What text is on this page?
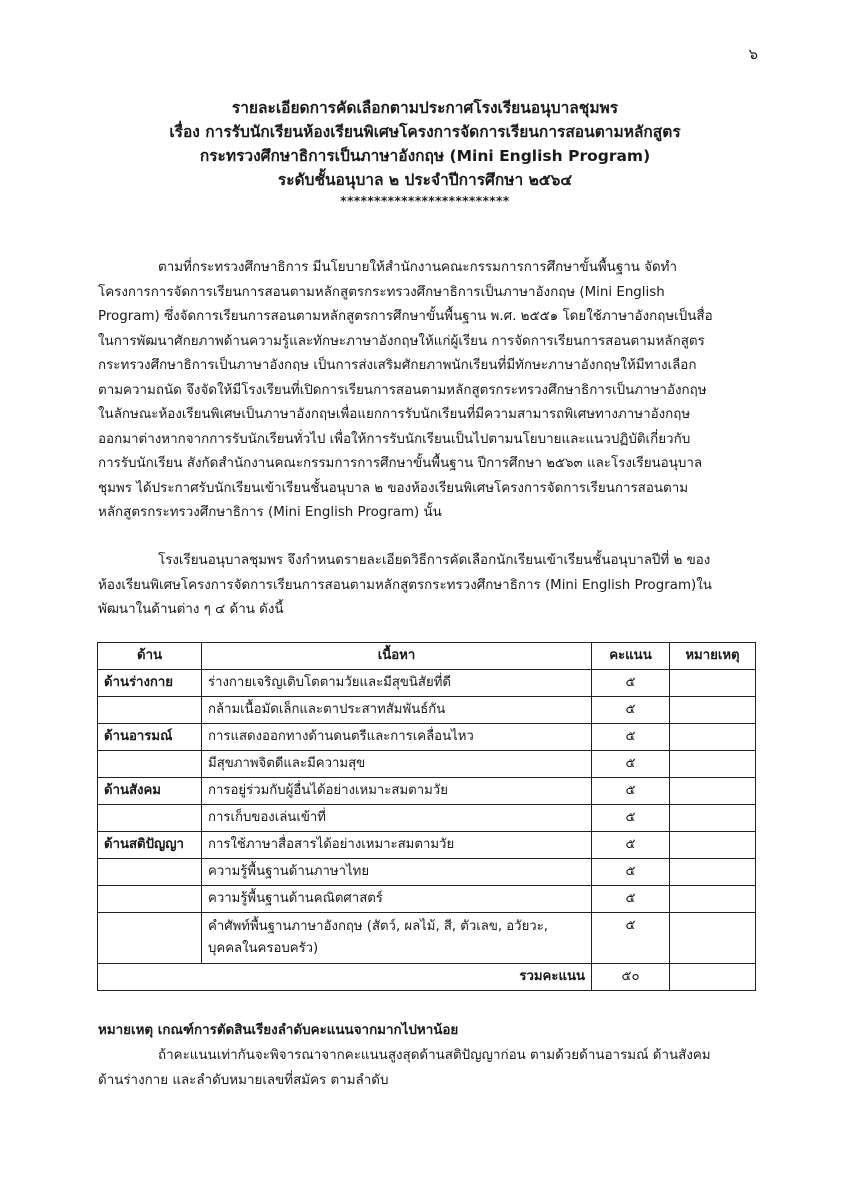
๖
รายละเอียดการคัดเลือกตามประกาศโรงเรียนอนุบาลชุมพร
เรื่อง การรับนักเรียนห้องเรียนพิเศษโครงการจัดการเรียนการสอนตามหลักสูตร
กระทรวงศึกษาธิการเป็นภาษาอังกฤษ (Mini English Program)
ระดับชั้นอนุบาล ๒ ประจำปีการศึกษา ๒๕๖๔
*************************

ตามที่กระทรวงศึกษาธิการ มีนโยบายให้สำนักงานคณะกรรมการการศึกษาขั้นพื้นฐาน จัดทำ

โครงการการจัดการเรียนการสอนตามหลักสูตรกระทรวงศึกษาธิการเป็นภาษาอังกฤษ (Mini English

Program) ซึ่งจัดการเรียนการสอนตามหลักสูตรการศึกษาขั้นพื้นฐาน พ.ศ. ๒๕๕๑ โดยใช้ภาษาอังกฤษเป็นสื่อ

ในการพัฒนาศักยภาพด้านความรู้และทักษะภาษาอังกฤษให้แก่ผู้เรียน การจัดการเรียนการสอนตามหลักสูตร

กระทรวงศึกษาธิการเป็นภาษาอังกฤษ เป็นการส่งเสริมศักยภาพนักเรียนที่มีทักษะภาษาอังกฤษให้มีทางเลือก

ตามความถนัด จึงจัดให้มีโรงเรียนที่เปิดการเรียนการสอนตามหลักสูตรกระทรวงศึกษาธิการเป็นภาษาอังกฤษ

ในลักษณะห้องเรียนพิเศษเป็นภาษาอังกฤษเพื่อแยกการรับนักเรียนที่มีความสามารถพิเศษทางภาษาอังกฤษ

ออกมาต่างหากจากการรับนักเรียนทั่วไป เพื่อให้การรับนักเรียนเป็นไปตามนโยบายและแนวปฏิบัติเกี่ยวกับ

การรับนักเรียน สังกัดสำนักงานคณะกรรมการการศึกษาขั้นพื้นฐาน ปีการศึกษา ๒๕๖๓ และโรงเรียนอนุบาล

ชุมพร ได้ประกาศรับนักเรียนเข้าเรียนชั้นอนุบาล ๒ ของห้องเรียนพิเศษโครงการจัดการเรียนการสอนตาม

หลักสูตรกระทรวงศึกษาธิการ (Mini English Program) นั้น

โรงเรียนอนุบาลชุมพร จึงกำหนดรายละเอียดวิธีการคัดเลือกนักเรียนเข้าเรียนชั้นอนุบาลปีที่ ๒ ของ

ห้องเรียนพิเศษโครงการจัดการเรียนการสอนตามหลักสูตรกระทรวงศึกษาธิการ (Mini English Program)ใน

พัฒนาในด้านต่าง ๆ ๔ ด้าน ดังนี้

ด้าน	เนื้อหา	คะแนน	หมายเหตุ
ด้านร่างกาย	ร่างกายเจริญเติบโตตามวัยและมีสุขนิสัยที่ดี	๕	
	กล้ามเนื้อมัดเล็กและตาประสาทสัมพันธ์กัน	๕	
ด้านอารมณ์	การแสดงออกทางด้านดนตรีและการเคลื่อนไหว	๕	
	มีสุขภาพจิตดีและมีความสุข	๕	
ด้านสังคม	การอยู่ร่วมกับผู้อื่นได้อย่างเหมาะสมตามวัย	๕	
	การเก็บของเล่นเข้าที่	๕	
ด้านสติปัญญา	การใช้ภาษาสื่อสารได้อย่างเหมาะสมตามวัย	๕	
	ความรู้พื้นฐานด้านภาษาไทย	๕	
	ความรู้พื้นฐานด้านคณิตศาสตร์	๕	
	คำศัพท์พื้นฐานภาษาอังกฤษ (สัตว์, ผลไม้, สี, ตัวเลข, อวัยวะ, บุคคลในครอบครัว)	๕	
รวมคะแนน		๕๐	

หมายเหตุ เกณฑ์การตัดสินเรียงลำดับคะแนนจากมากไปหาน้อย

ถ้าคะแนนเท่ากันจะพิจารณาจากคะแนนสูงสุดด้านสติปัญญาก่อน ตามด้วยด้านอารมณ์ ด้านสังคม

ด้านร่างกาย และลำดับหมายเลขที่สมัคร ตามลำดับ
